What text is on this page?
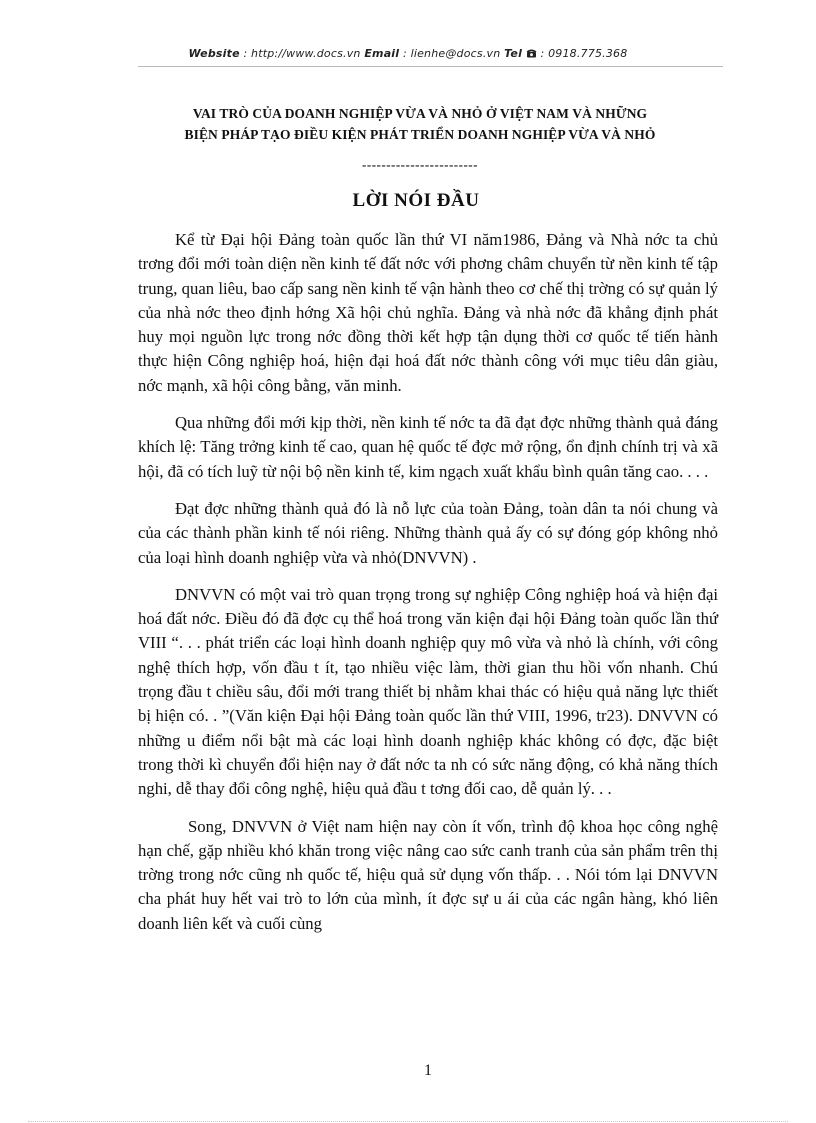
Website : http://www.docs.vn Email : lienhe@docs.vn Tel : 0918.775.368
VAI TRÒ CỦA DOANH NGHIỆP VỪA VÀ NHỎ Ở VIỆT NAM VÀ NHỮNG
BIỆN PHÁP TẠO ĐIỀU KIỆN PHÁT TRIỂN DOANH NGHIỆP VỪA VÀ NHỎ
------------------------
LỜI NÓI ĐẦU

Kể từ Đại hội Đảng toàn quốc lần thứ VI năm1986, Đảng và Nhà nớc ta chủ trơng đổi mới toàn diện nền kinh tế đất nớc với phơng châm chuyển từ nền kinh tế tập trung, quan liêu, bao cấp sang nền kinh tế vận hành theo cơ chế thị trờng có sự quản lý của nhà nớc theo định hớng Xã hội chủ nghĩa. Đảng và nhà nớc đã khẳng định phát huy mọi nguồn lực trong nớc đồng thời kết hợp tận dụng thời cơ quốc tế tiến hành thực hiện Công nghiệp hoá, hiện đại hoá đất nớc thành công với mục tiêu dân giàu, nớc mạnh, xã hội công bằng, văn minh.

Qua những đổi mới kịp thời, nền kinh tế nớc ta đã đạt đợc những thành quả đáng khích lệ: Tăng trởng kinh tế cao, quan hệ quốc tế đợc mở rộng, ổn định chính trị và xã hội, đã có tích luỹ từ nội bộ nền kinh tế, kim ngạch xuất khẩu bình quân tăng cao. . . .

Đạt đợc những thành quả đó là nỗ lực của toàn Đảng, toàn dân ta nói chung và của các thành phần kinh tế nói riêng. Những thành quả ấy có sự đóng góp không nhỏ của loại hình doanh nghiệp vừa và nhỏ(DNVVN) .

DNVVN có một vai trò quan trọng trong sự nghiệp Công nghiệp hoá và hiện đại hoá đất nớc. Điều đó đã đợc cụ thể hoá trong văn kiện đại hội Đảng toàn quốc lần thứ VIII “. . . phát triển các loại hình doanh nghiệp quy mô vừa và nhỏ là chính, với công nghệ thích hợp, vốn đầu t ít, tạo nhiều việc làm, thời gian thu hồi vốn nhanh. Chú trọng đầu t chiều sâu, đổi mới trang thiết bị nhằm khai thác có hiệu quả năng lực thiết bị hiện có. . ”(Văn kiện Đại hội Đảng toàn quốc lần thứ VIII, 1996, tr23). DNVVN có những u điểm nổi bật mà các loại hình doanh nghiệp khác không có đợc, đặc biệt trong thời kì chuyển đổi hiện nay ở đất nớc ta nh có sức năng động, có khả năng thích nghi, dễ thay đổi công nghệ, hiệu quả đầu t tơng đối cao, dễ quản lý. . .

Song, DNVVN ở Việt nam hiện nay còn ít vốn, trình độ khoa học công nghệ hạn chế, gặp nhiều khó khăn trong việc nâng cao sức canh tranh của sản phẩm trên thị trờng trong nớc cũng nh quốc tế, hiệu quả sử dụng vốn thấp. . . Nói tóm lại DNVVN cha phát huy hết vai trò to lớn của mình, ít đợc sự u ái của các ngân hàng, khó liên doanh liên kết và cuối cùng

1
